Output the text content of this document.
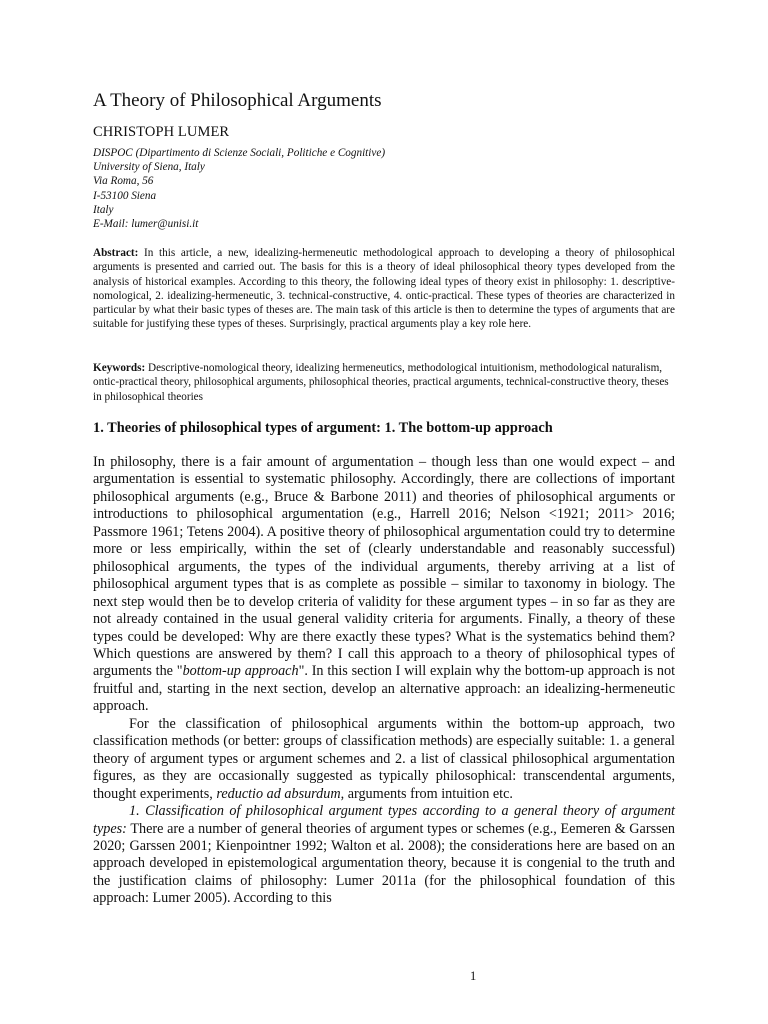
A Theory of Philosophical Arguments

CHRISTOPH LUMER

DISPOC (Dipartimento di Scienze Sociali, Politiche e Cognitive)
University of Siena, Italy
Via Roma, 56
I-53100 Siena
Italy
E-Mail: lumer@unisi.it

Abstract: In this article, a new, idealizing-hermeneutic methodological approach to developing a theory of philosophical arguments is presented and carried out. The basis for this is a theory of ideal philosophical theory types developed from the analysis of historical examples. According to this theory, the following ideal types of theory exist in philosophy: 1. descriptive-nomological, 2. idealizing-hermeneutic, 3. technical-constructive, 4. ontic-practical. These types of theories are characterized in particular by what their basic types of theses are. The main task of this article is then to determine the types of arguments that are suitable for justifying these types of theses. Surprisingly, practical arguments play a key role here.

Keywords: Descriptive-nomological theory, idealizing hermeneutics, methodological intuitionism, methodological naturalism, ontic-practical theory, philosophical arguments, philosophical theories, practical arguments, technical-constructive theory, theses in philosophical theories

1. Theories of philosophical types of argument: 1. The bottom-up approach

In philosophy, there is a fair amount of argumentation – though less than one would expect – and argumentation is essential to systematic philosophy. Accordingly, there are collections of important philosophical arguments (e.g., Bruce & Barbone 2011) and theories of philosophical arguments or introductions to philosophical argumentation (e.g., Harrell 2016; Nelson <1921; 2011> 2016; Passmore 1961; Tetens 2004). A positive theory of philosophical argumentation could try to determine more or less empirically, within the set of (clearly understandable and reasonably successful) philosophical arguments, the types of the individual arguments, thereby arriving at a list of philosophical argument types that is as complete as possible – similar to taxonomy in biology. The next step would then be to develop criteria of validity for these argument types – in so far as they are not already contained in the usual general validity criteria for arguments. Finally, a theory of these types could be developed: Why are there exactly these types? What is the systematics behind them? Which questions are answered by them? I call this approach to a theory of philosophical types of arguments the "bottom-up approach". In this section I will explain why the bottom-up approach is not fruitful and, starting in the next section, develop an alternative approach: an idealizing-hermeneutic approach.

For the classification of philosophical arguments within the bottom-up approach, two classification methods (or better: groups of classification methods) are especially suitable: 1. a general theory of argument types or argument schemes and 2. a list of classical philosophical argumentation figures, as they are occasionally suggested as typically philosophical: transcendental arguments, thought experiments, reductio ad absurdum, arguments from intuition etc.

1. Classification of philosophical argument types according to a general theory of argument types: There are a number of general theories of argument types or schemes (e.g., Eemeren & Garssen 2020; Garssen 2001; Kienpointner 1992; Walton et al. 2008); the considerations here are based on an approach developed in epistemological argumentation theory, because it is congenial to the truth and the justification claims of philosophy: Lumer 2011a (for the philosophical foundation of this approach: Lumer 2005). According to this

1
